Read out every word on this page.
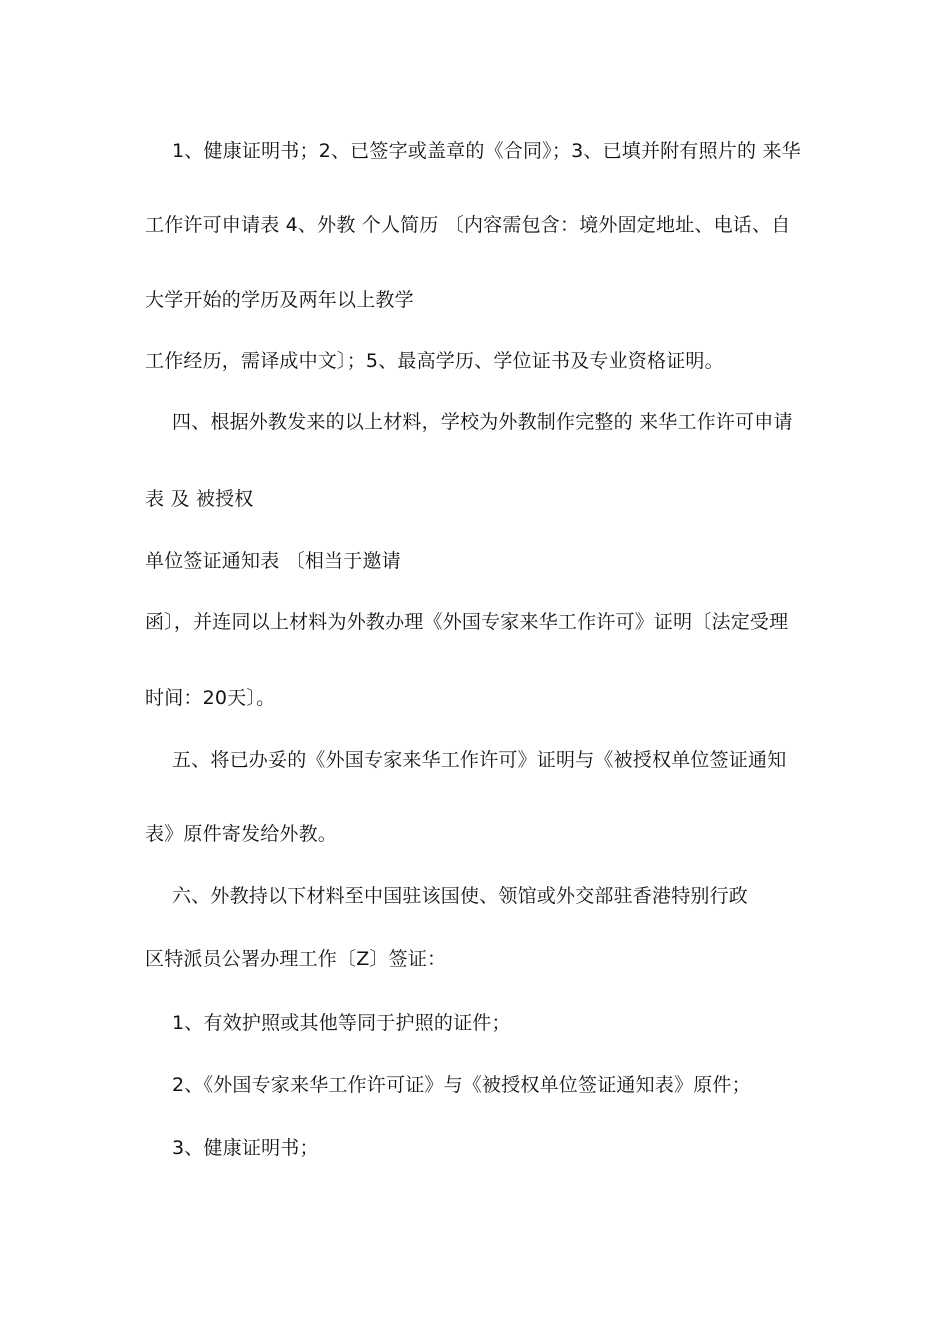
1、健康证明书；2、已签字或盖章的《合同》；3、已填并附有照片的 来华
工作许可申请表 4、外教 个人简历 〔内容需包含：境外固定地址、电话、自
大学开始的学历及两年以上教学
工作经历，需译成中文〕；5、最高学历、学位证书及专业资格证明。
四、根据外教发来的以上材料，学校为外教制作完整的 来华工作许可申请
表 及 被授权
单位签证通知表 〔相当于邀请
函〕，并连同以上材料为外教办理《外国专家来华工作许可》证明〔法定受理
时间：20天〕。
五、将已办妥的《外国专家来华工作许可》证明与《被授权单位签证通知
表》原件寄发给外教。
六、外教持以下材料至中国驻该国使、领馆或外交部驻香港特别行政
区特派员公署办理工作〔Z〕签证：
1、有效护照或其他等同于护照的证件；
2、《外国专家来华工作许可证》与《被授权单位签证通知表》原件；
3、健康证明书；
